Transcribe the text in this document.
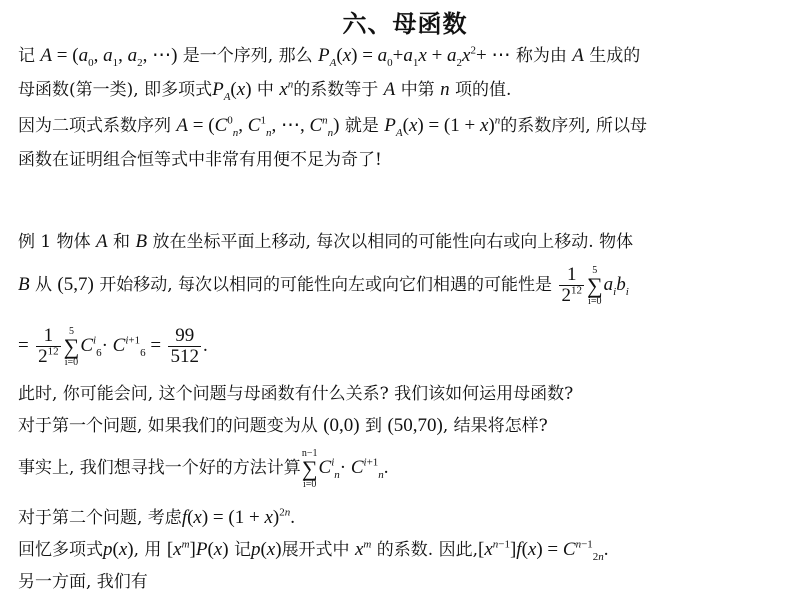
六、母函数
记 $A = (a_0$, $a_1$, $a_2$, ⋯) 是一个序列, 那么 $P_A(x) = a_0+a_1x + a_2x^2+$ ⋯ 称为由 A 生成的
母函数(第一类), 即多项式$P_A(x)$ 中 $x^n$的系数等于 A 中第 n 项的值.
因为二项式系数序列 $A = (C^0_n$, $C^1_n$, ⋯, $C^n_n$) 就是 $P_A(x) = (1 + x)^n$的系数序列, 所以母
函数在证明组合恒等式中非常有用便不足为奇了!
例 1 物体 A 和 B 放在坐标平面上移动, 每次以相同的可能性向右或向上移动. 物体
B 从 (5,7) 开始移动, 每次以相同的可能性向左或向它们相遇的可能性是 $\frac{1}{2^{12}} 5$
∑
i=0
$a_ib_i$
= $\frac{1}{2^{12}} 5$
∑
i=0
$C^i_6\cdot C^{i+1}_6 = \frac{99}{512}$ .
此时, 你可能会问, 这个问题与母函数有什么关系? 我们该如何运用母函数?
对于第一个问题, 如果我们的问题变为从 (0,0) 到 (50,70), 结果将怎样?
事实上, 我们想寻找一个好的方法计算
n−1
∑
i=0
$C^i_n\cdot C^{i+1}_n$.
对于第二个问题, 考虑$f(x) = (1 + x)^{2n}$.
回忆多项式p(x), 用 $[x^m]P(x)$ 记p(x)展开式中 $x^m$ 的系数. 因此$,[x^{n-1}]f(x) = C^{n-1}_{2n}$.
另一方面, 我们有
